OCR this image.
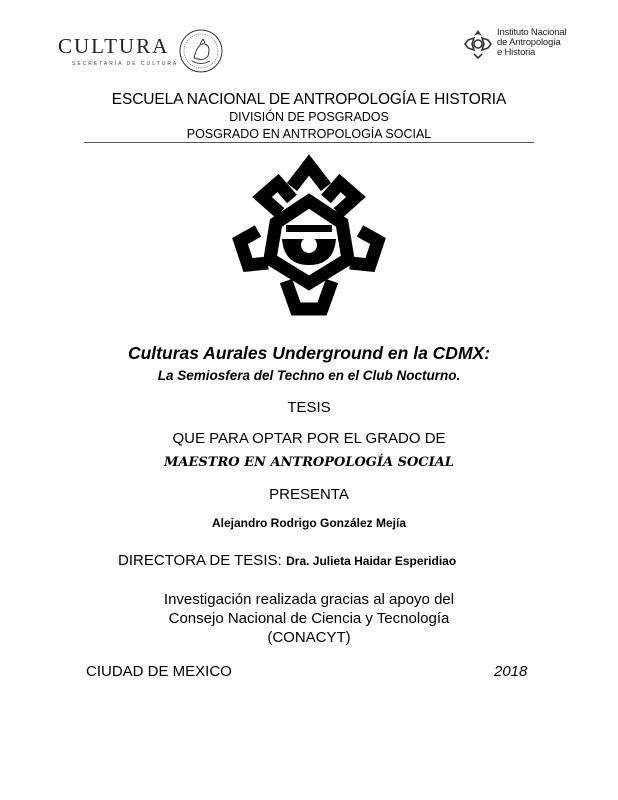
CULTURA
SECRETARÍA DE CULTURA
Instituto Nacional
de Antropología
e Historia
ESCUELA NACIONAL DE ANTROPOLOGÍA E HISTORIA
DIVISIÓN DE POSGRADOS
POSGRADO EN ANTROPOLOGÍA SOCIAL
Culturas Aurales Underground en la CDMX:
La Semiosfera del Techno en el Club Nocturno.
TESIS
QUE PARA OPTAR POR EL GRADO DE
MAESTRO EN ANTROPOLOGÍA SOCIAL
PRESENTA
Alejandro Rodrigo González Mejía
DIRECTORA DE TESIS: Dra. Julieta Haidar Esperidiao
Investigación realizada gracias al apoyo del
Consejo Nacional de Ciencia y Tecnología
(CONACYT)
CIUDAD DE MEXICO	2018
